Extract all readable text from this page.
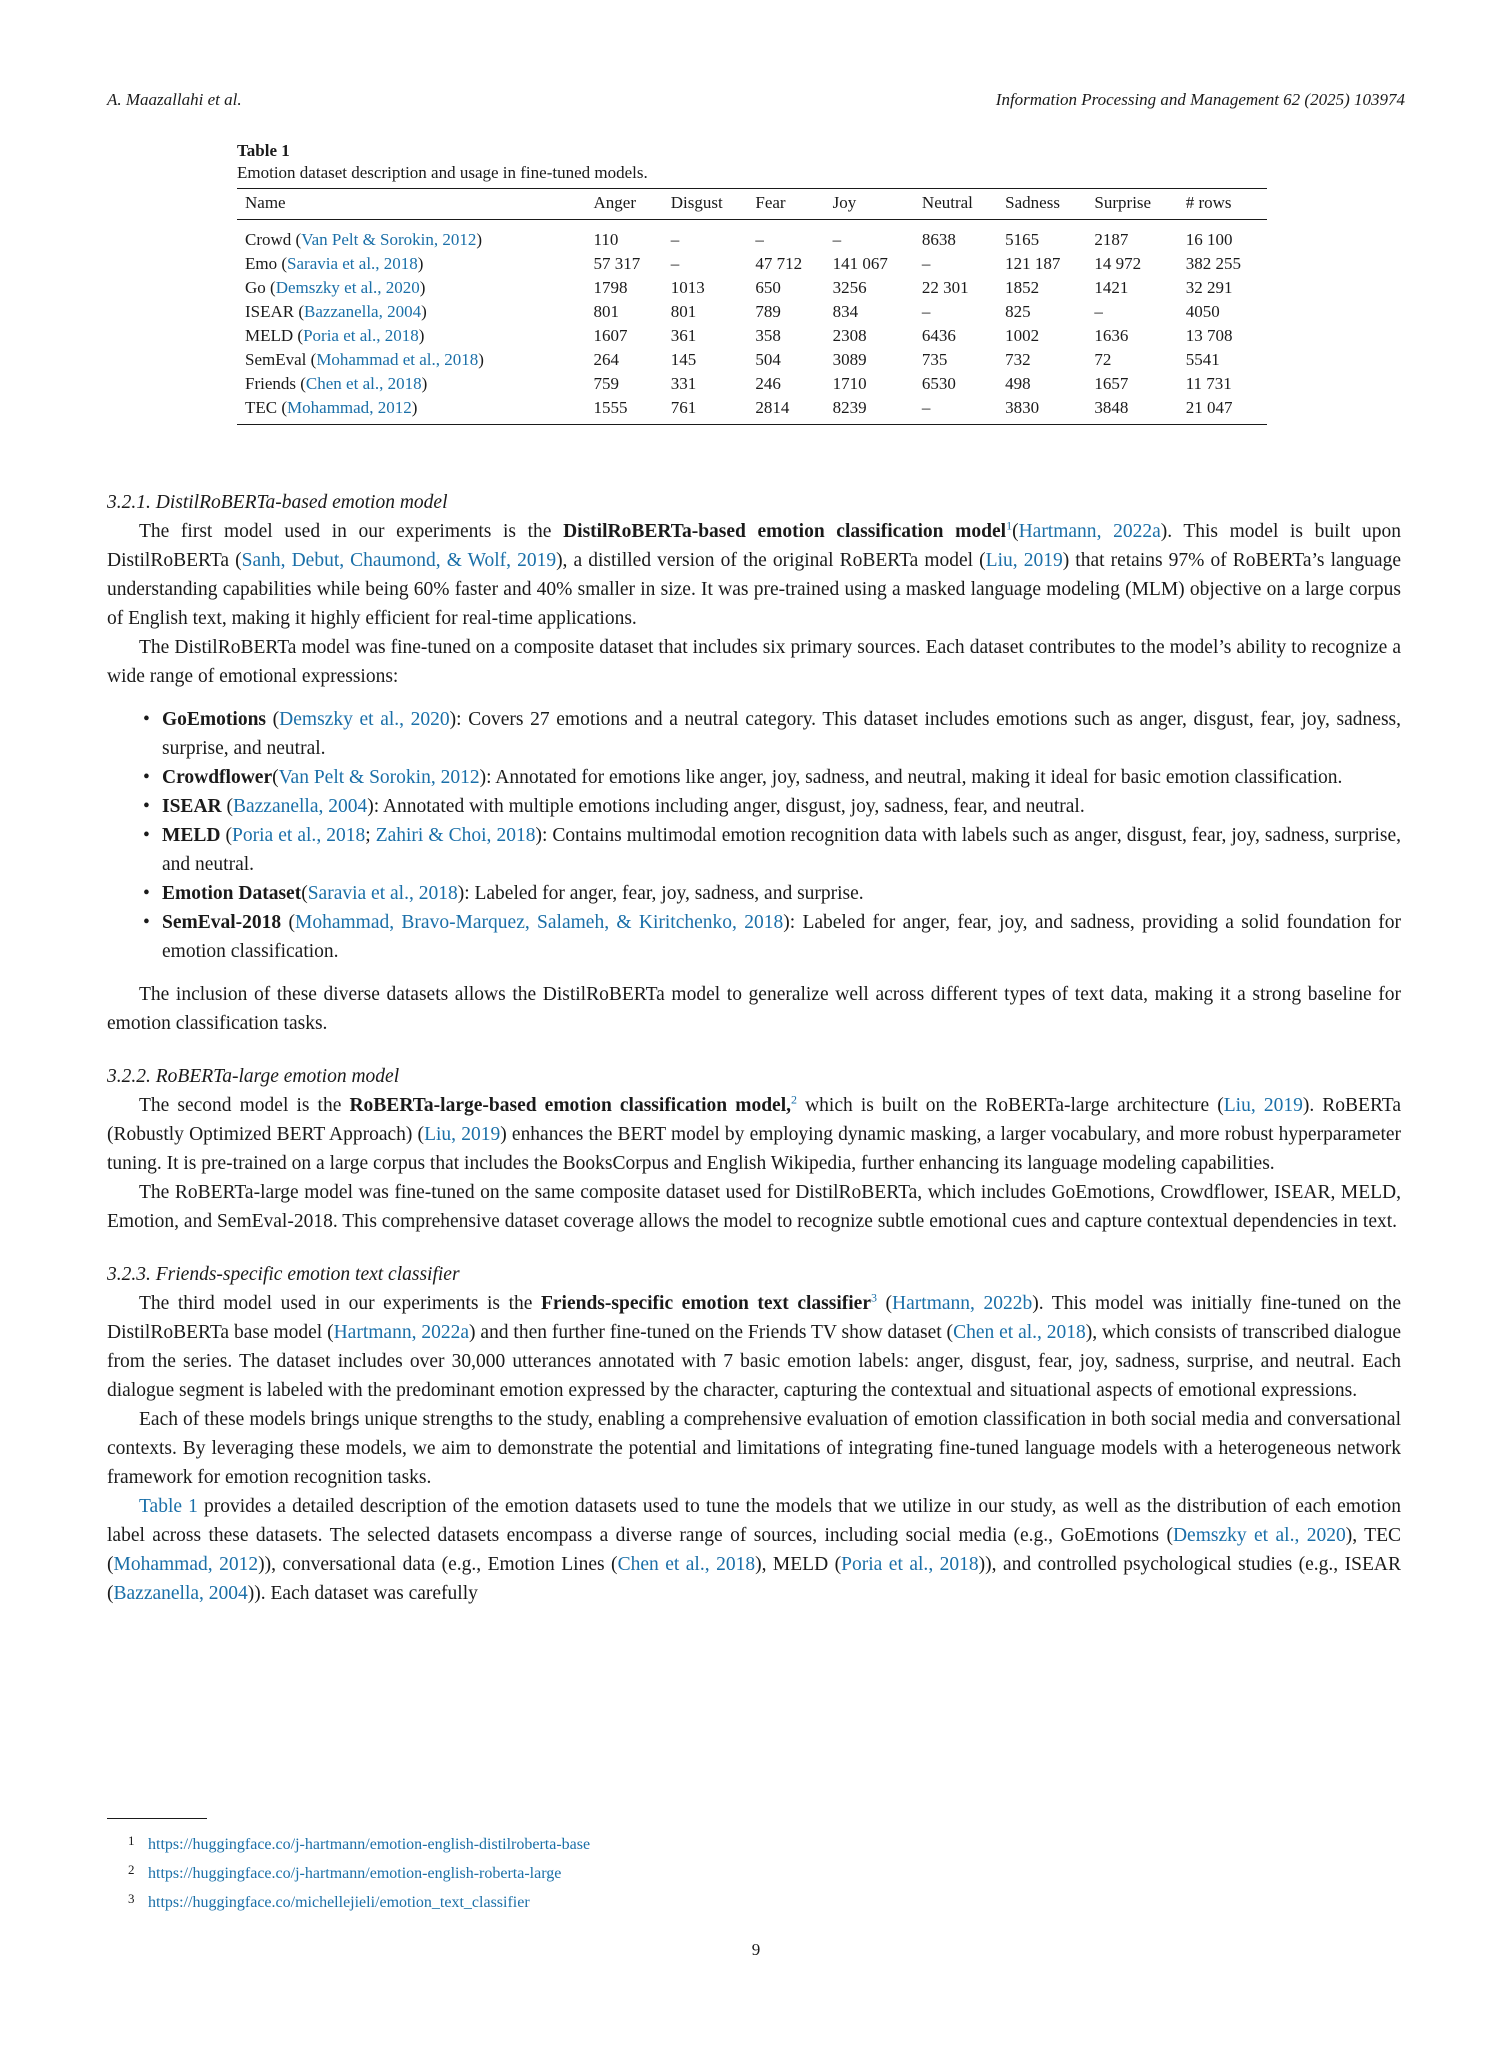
A. Maazallahi et al.	Information Processing and Management 62 (2025) 103974
Table 1
Emotion dataset description and usage in fine-tuned models.
Name	Anger	Disgust	Fear	Joy	Neutral	Sadness	Surprise	# rows
Crowd (Van Pelt & Sorokin, 2012)	110	–	–	–	8638	5165	2187	16 100
Emo (Saravia et al., 2018)	57 317	–	47 712	141 067	–	121 187	14 972	382 255
Go (Demszky et al., 2020)	1798	1013	650	3256	22 301	1852	1421	32 291
ISEAR (Bazzanella, 2004)	801	801	789	834	–	825	–	4050
MELD (Poria et al., 2018)	1607	361	358	2308	6436	1002	1636	13 708
SemEval (Mohammad et al., 2018)	264	145	504	3089	735	732	72	5541
Friends (Chen et al., 2018)	759	331	246	1710	6530	498	1657	11 731
TEC (Mohammad, 2012)	1555	761	2814	8239	–	3830	3848	21 047
3.2.1. DistilRoBERTa-based emotion model

The first model used in our experiments is the DistilRoBERTa-based emotion classification model$^1$(Hartmann, 2022a). This model is built upon DistilRoBERTa (Sanh, Debut, Chaumond, & Wolf, 2019), a distilled version of the original RoBERTa model (Liu, 2019) that retains 97% of RoBERTa’s language understanding capabilities while being 60% faster and 40% smaller in size. It was pre-trained using a masked language modeling (MLM) objective on a large corpus of English text, making it highly efficient for real-time applications.

The DistilRoBERTa model was fine-tuned on a composite dataset that includes six primary sources. Each dataset contributes to the model’s ability to recognize a wide range of emotional expressions:

• GoEmotions (Demszky et al., 2020): Covers 27 emotions and a neutral category. This dataset includes emotions such as anger, disgust, fear, joy, sadness, surprise, and neutral.
• Crowdflower(Van Pelt & Sorokin, 2012): Annotated for emotions like anger, joy, sadness, and neutral, making it ideal for basic emotion classification.
• ISEAR (Bazzanella, 2004): Annotated with multiple emotions including anger, disgust, joy, sadness, fear, and neutral.
• MELD (Poria et al., 2018; Zahiri & Choi, 2018): Contains multimodal emotion recognition data with labels such as anger, disgust, fear, joy, sadness, surprise, and neutral.
• Emotion Dataset(Saravia et al., 2018): Labeled for anger, fear, joy, sadness, and surprise.
• SemEval-2018 (Mohammad, Bravo-Marquez, Salameh, & Kiritchenko, 2018): Labeled for anger, fear, joy, and sadness, providing a solid foundation for emotion classification.

The inclusion of these diverse datasets allows the DistilRoBERTa model to generalize well across different types of text data, making it a strong baseline for emotion classification tasks.

3.2.2. RoBERTa-large emotion model

The second model is the RoBERTa-large-based emotion classification model,$^2$ which is built on the RoBERTa-large architecture (Liu, 2019). RoBERTa (Robustly Optimized BERT Approach) (Liu, 2019) enhances the BERT model by employing dynamic masking, a larger vocabulary, and more robust hyperparameter tuning. It is pre-trained on a large corpus that includes the BooksCorpus and English Wikipedia, further enhancing its language modeling capabilities.

The RoBERTa-large model was fine-tuned on the same composite dataset used for DistilRoBERTa, which includes GoEmotions, Crowdflower, ISEAR, MELD, Emotion, and SemEval-2018. This comprehensive dataset coverage allows the model to recognize subtle emotional cues and capture contextual dependencies in text.

3.2.3. Friends-specific emotion text classifier

The third model used in our experiments is the Friends-specific emotion text classifier$^3$ (Hartmann, 2022b). This model was initially fine-tuned on the DistilRoBERTa base model (Hartmann, 2022a) and then further fine-tuned on the Friends TV show dataset (Chen et al., 2018), which consists of transcribed dialogue from the series. The dataset includes over 30,000 utterances annotated with 7 basic emotion labels: anger, disgust, fear, joy, sadness, surprise, and neutral. Each dialogue segment is labeled with the predominant emotion expressed by the character, capturing the contextual and situational aspects of emotional expressions.

Each of these models brings unique strengths to the study, enabling a comprehensive evaluation of emotion classification in both social media and conversational contexts. By leveraging these models, we aim to demonstrate the potential and limitations of integrating fine-tuned language models with a heterogeneous network framework for emotion recognition tasks.

Table 1 provides a detailed description of the emotion datasets used to tune the models that we utilize in our study, as well as the distribution of each emotion label across these datasets. The selected datasets encompass a diverse range of sources, including social media (e.g., GoEmotions (Demszky et al., 2020), TEC (Mohammad, 2012)), conversational data (e.g., Emotion Lines (Chen et al., 2018), MELD (Poria et al., 2018)), and controlled psychological studies (e.g., ISEAR (Bazzanella, 2004)). Each dataset was carefully

1 https://huggingface.co/j-hartmann/emotion-english-distilroberta-base
2 https://huggingface.co/j-hartmann/emotion-english-roberta-large
3 https://huggingface.co/michellejieli/emotion_text_classifier
9
